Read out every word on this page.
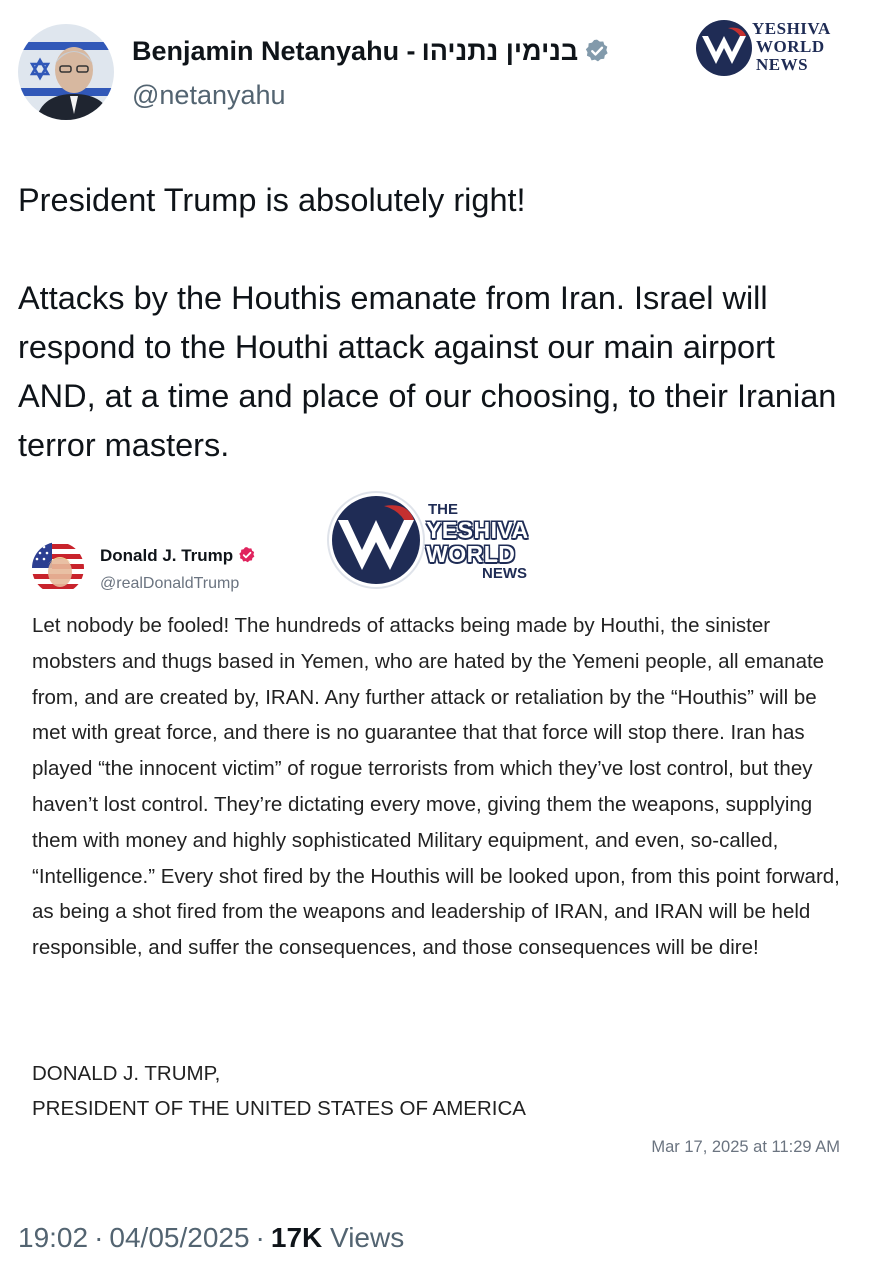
Benjamin Netanyahu - בנימין נתניהו
@netanyahu
YESHIVA
WORLD
NEWS

President Trump is absolutely right!

Attacks by the Houthis emanate from Iran. Israel will respond to the Houthi attack against our main airport AND, at a time and place of our choosing, to their Iranian terror masters.

Donald J. Trump
@realDonaldTrump
THE
YESHIVA
WORLD
NEWS
Let nobody be fooled! The hundreds of attacks being made by Houthi, the sinister mobsters and thugs based in Yemen, who are hated by the Yemeni people, all emanate from, and are created by, IRAN. Any further attack or retaliation by the “Houthis” will be met with great force, and there is no guarantee that that force will stop there. Iran has played “the innocent victim” of rogue terrorists from which they’ve lost control, but they haven’t lost control. They’re dictating every move, giving them the weapons, supplying them with money and highly sophisticated Military equipment, and even, so-called, “Intelligence.” Every shot fired by the Houthis will be looked upon, from this point forward, as being a shot fired from the weapons and leadership of IRAN, and IRAN will be held responsible, and suffer the consequences, and those consequences will be dire!
DONALD J. TRUMP,
PRESIDENT OF THE UNITED STATES OF AMERICA
Mar 17, 2025 at 11:29 AM
19:02 · 04/05/2025 · 17K Views
